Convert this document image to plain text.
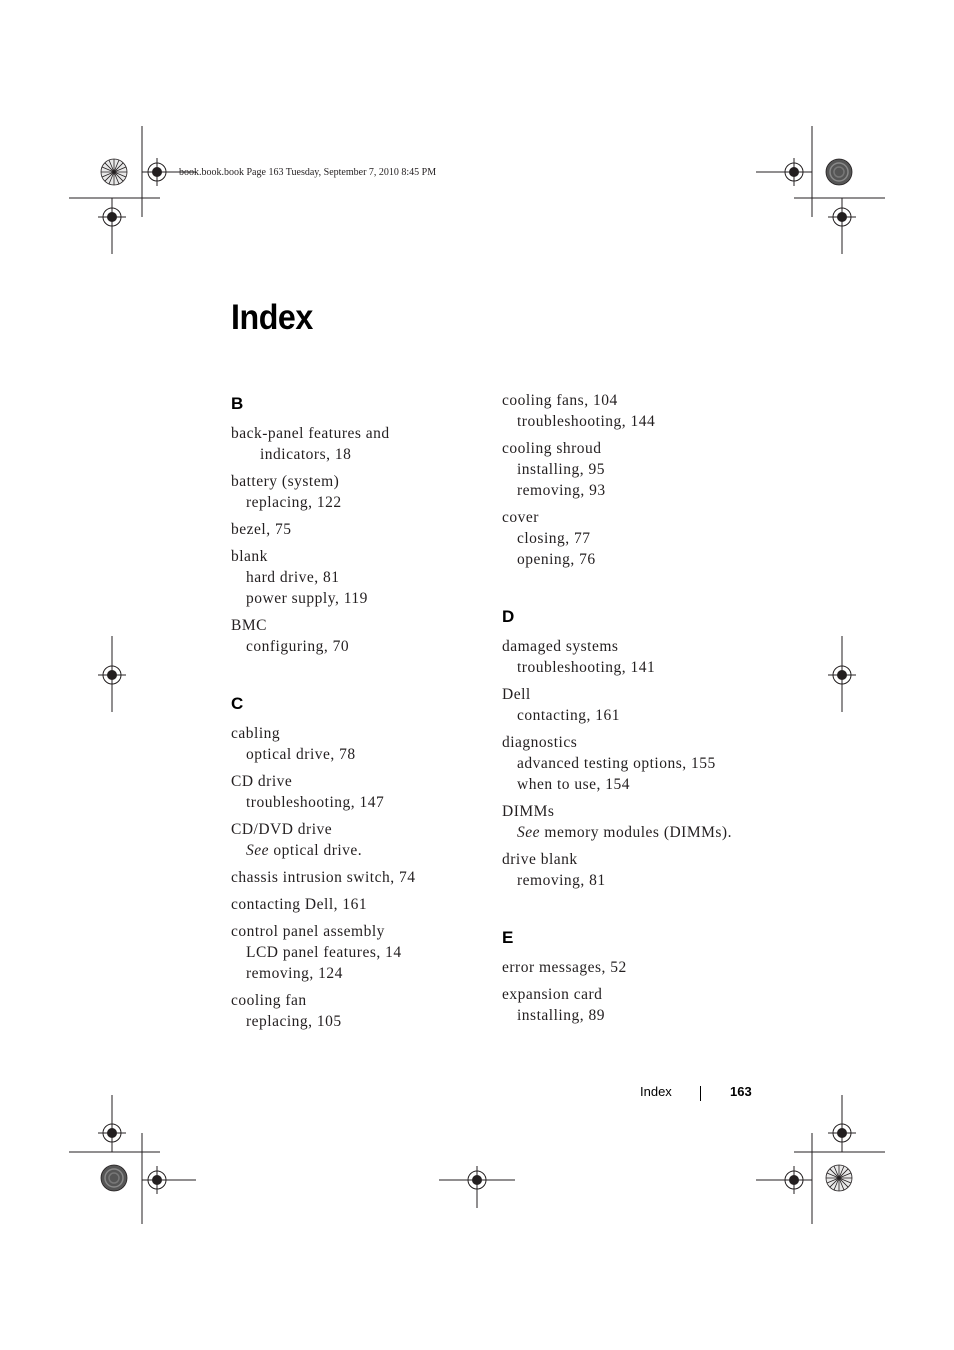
book.book.book Page 163 Tuesday, September 7, 2010 8:45 PM
Index
B
back-panel features and
indicators, 18
battery (system)
replacing, 122
bezel, 75
blank
hard drive, 81
power supply, 119
BMC
configuring, 70
C
cabling
optical drive, 78
CD drive
troubleshooting, 147
CD/DVD drive
See optical drive.
chassis intrusion switch, 74
contacting Dell, 161
control panel assembly
LCD panel features, 14
removing, 124
cooling fan
replacing, 105
cooling fans, 104
troubleshooting, 144
cooling shroud
installing, 95
removing, 93
cover
closing, 77
opening, 76
D
damaged systems
troubleshooting, 141
Dell
contacting, 161
diagnostics
advanced testing options, 155
when to use, 154
DIMMs
See memory modules (DIMMs).
drive blank
removing, 81
E
error messages, 52
expansion card
installing, 89
Index	163
